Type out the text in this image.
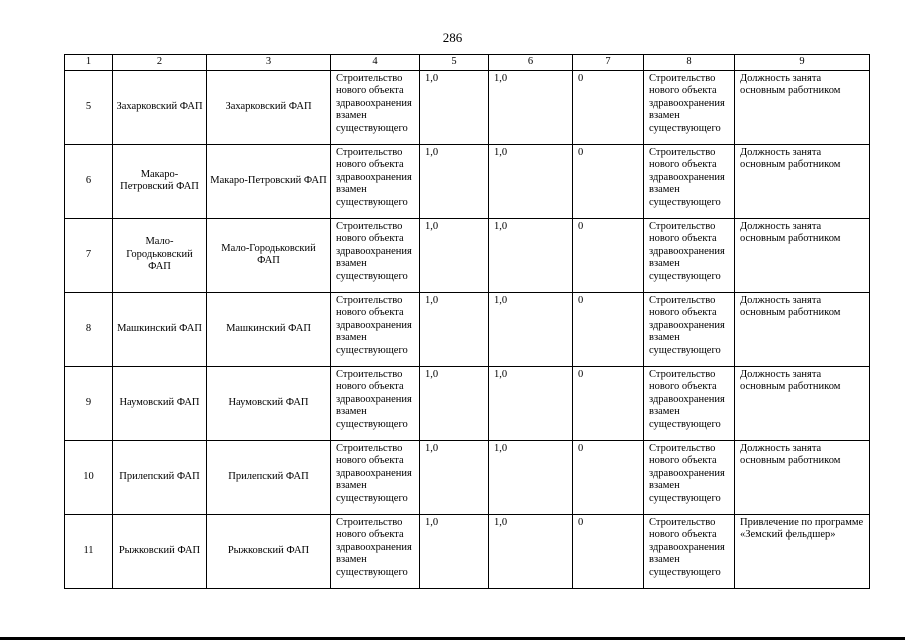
286
1	2	3	4	5	6	7	8	9
5	Захарковский ФАП	Захарковский ФАП	Строительство нового объекта здравоохранения взамен существующего	1,0	1,0	0	Строительство нового объекта здравоохранения взамен существующего	Должность занята основным работником
6	Макаро-Петровский ФАП	Макаро-Петровский ФАП	Строительство нового объекта здравоохранения взамен существующего	1,0	1,0	0	Строительство нового объекта здравоохранения взамен существующего	Должность занята основным работником
7	Мало-Городьковский ФАП	Мало-Городьковский ФАП	Строительство нового объекта здравоохранения взамен существующего	1,0	1,0	0	Строительство нового объекта здравоохранения взамен существующего	Должность занята основным работником
8	Машкинский ФАП	Машкинский ФАП	Строительство нового объекта здравоохранения взамен существующего	1,0	1,0	0	Строительство нового объекта здравоохранения взамен существующего	Должность занята основным работником
9	Наумовский ФАП	Наумовский ФАП	Строительство нового объекта здравоохранения взамен существующего	1,0	1,0	0	Строительство нового объекта здравоохранения взамен существующего	Должность занята основным работником
10	Прилепский ФАП	Прилепский ФАП	Строительство нового объекта здравоохранения взамен существующего	1,0	1,0	0	Строительство нового объекта здравоохранения взамен существующего	Должность занята основным работником
11	Рыжковский ФАП	Рыжковский ФАП	Строительство нового объекта здравоохранения взамен существующего	1,0	1,0	0	Строительство нового объекта здравоохранения взамен существующего	Привлечение по программе «Земский фельдшер»
